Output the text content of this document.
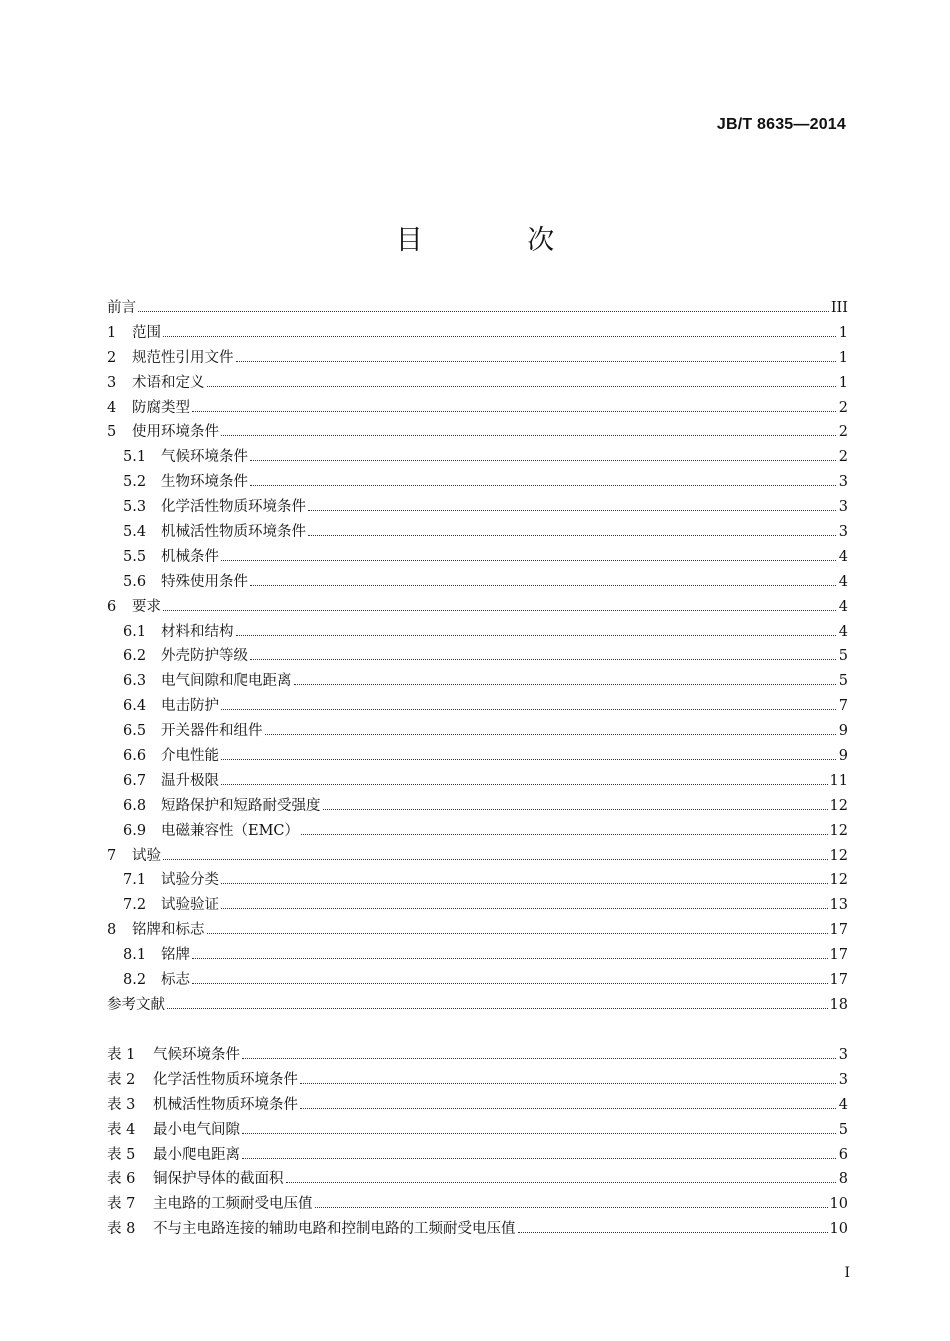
JB/T 8635—2014
目 次
前言	III
1	范围	1
2	规范性引用文件	1
3	术语和定义	1
4	防腐类型	2
5	使用环境条件	2
5.1	气候环境条件	2
5.2	生物环境条件	3
5.3	化学活性物质环境条件	3
5.4	机械活性物质环境条件	3
5.5	机械条件	4
5.6	特殊使用条件	4
6	要求	4
6.1	材料和结构	4
6.2	外壳防护等级	5
6.3	电气间隙和爬电距离	5
6.4	电击防护	7
6.5	开关器件和组件	9
6.6	介电性能	9
6.7	温升极限	11
6.8	短路保护和短路耐受强度	12
6.9	电磁兼容性（EMC）	12
7	试验	12
7.1	试验分类	12
7.2	试验验证	13
8	铭牌和标志	17
8.1	铭牌	17
8.2	标志	17
参考文献	18
表 1	气候环境条件	3
表 2	化学活性物质环境条件	3
表 3	机械活性物质环境条件	4
表 4	最小电气间隙	5
表 5	最小爬电距离	6
表 6	铜保护导体的截面积	8
表 7	主电路的工频耐受电压值	10
表 8	不与主电路连接的辅助电路和控制电路的工频耐受电压值	10
I
